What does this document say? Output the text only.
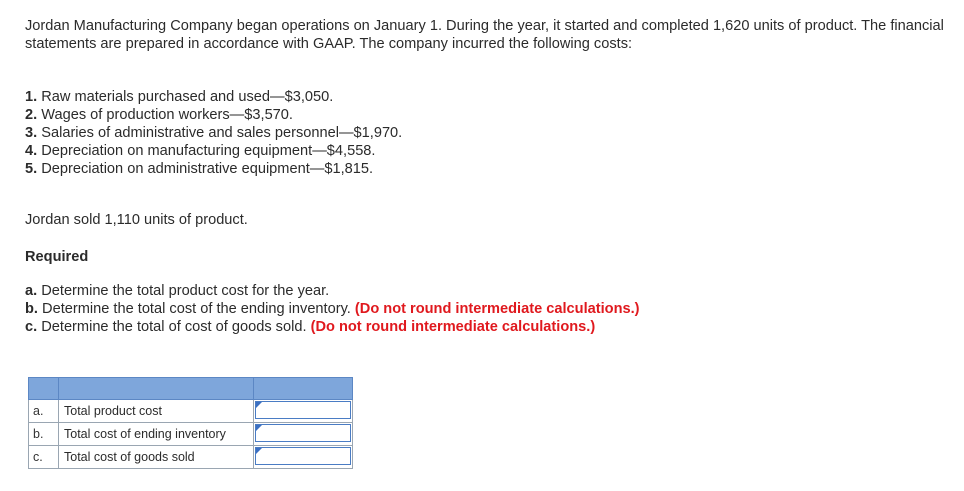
Jordan Manufacturing Company began operations on January 1. During the year, it started and completed 1,620 units of product. The financial statements are prepared in accordance with GAAP. The company incurred the following costs:

1. Raw materials purchased and used—$3,050.
2. Wages of production workers—$3,570.
3. Salaries of administrative and sales personnel—$1,970.
4. Depreciation on manufacturing equipment—$4,558.
5. Depreciation on administrative equipment—$1,815.

Jordan sold 1,110 units of product.

Required

a. Determine the total product cost for the year.
b. Determine the total cost of the ending inventory. (Do not round intermediate calculations.)
c. Determine the total of cost of goods sold. (Do not round intermediate calculations.)

a.	Total product cost	

b.	Total cost of ending inventory	

c.	Total cost of goods sold	
